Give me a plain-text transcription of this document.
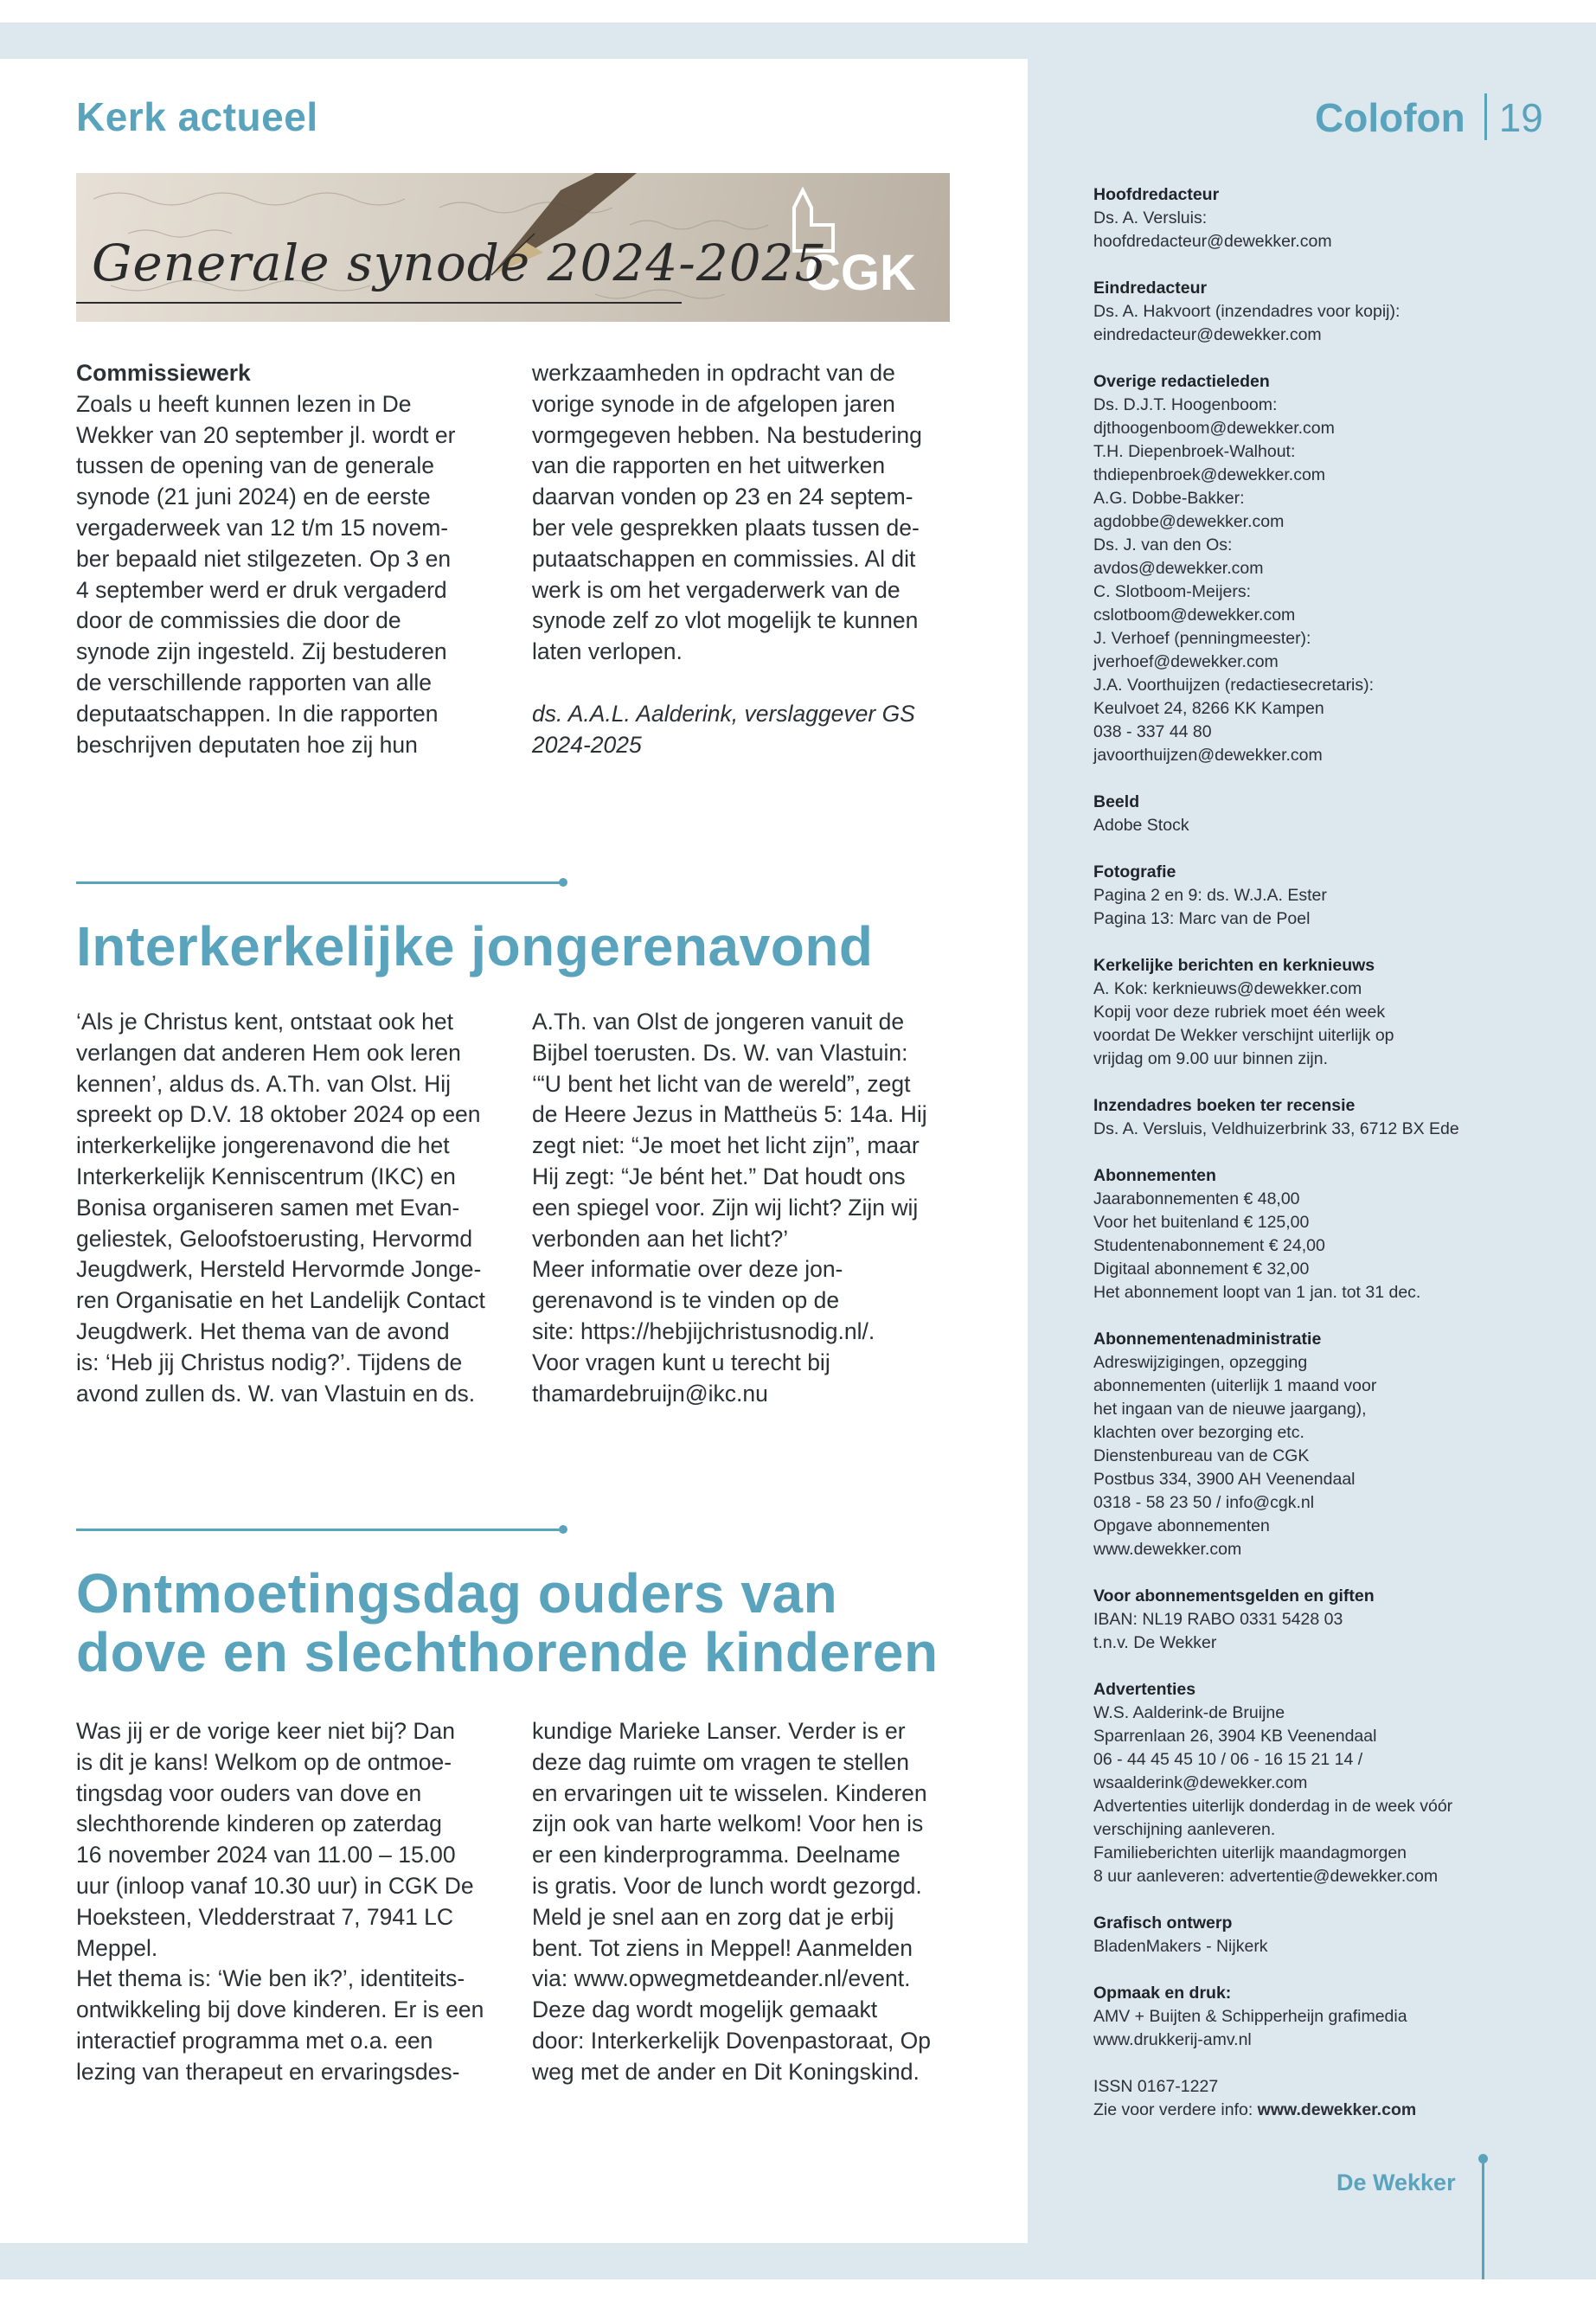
Kerk actueel	Colofon 19
CGK

Generale synode 2024-2025

Commissiewerk

Zoals u heeft kunnen lezen in De

Wekker van 20 september jl. wordt er

tussen de opening van de generale

synode (21 juni 2024) en de eerste

vergaderweek van 12 t/m 15 novem-

ber bepaald niet stilgezeten. Op 3 en

4 september werd er druk vergaderd

door de commissies die door de

synode zijn ingesteld. Zij bestuderen

de verschillende rapporten van alle

deputaatschappen. In die rapporten

beschrijven deputaten hoe zij hun

werkzaamheden in opdracht van de

vorige synode in de afgelopen jaren

vormgegeven hebben. Na bestudering

van die rapporten en het uitwerken

daarvan vonden op 23 en 24 septem-

ber vele gesprekken plaats tussen de-

putaatschappen en commissies. Al dit

werk is om het vergaderwerk van de

synode zelf zo vlot mogelijk te kunnen

laten verlopen.

ds. A.A.L. Aalderink, verslaggever GS

2024-2025

Interkerkelijke jongerenavond

‘Als je Christus kent, ontstaat ook het

verlangen dat anderen Hem ook leren

kennen’, aldus ds. A.Th. van Olst. Hij

spreekt op D.V. 18 oktober 2024 op een

interkerkelijke jongerenavond die het

Interkerkelijk Kenniscentrum (IKC) en

Bonisa organiseren samen met Evan-

geliestek, Geloofstoerusting, Hervormd

Jeugdwerk, Hersteld Hervormde Jonge-

ren Organisatie en het Landelijk Contact

Jeugdwerk. Het thema van de avond

is: ‘Heb jij Christus nodig?’. Tijdens de

avond zullen ds. W. van Vlastuin en ds.

A.Th. van Olst de jongeren vanuit de

Bijbel toerusten. Ds. W. van Vlastuin:

‘“U bent het licht van de wereld”, zegt

de Heere Jezus in Mattheüs 5: 14a. Hij

zegt niet: “Je moet het licht zijn”, maar

Hij zegt: “Je bént het.” Dat houdt ons

een spiegel voor. Zijn wij licht? Zijn wij

verbonden aan het licht?’

Meer informatie over deze jon-

gerenavond is te vinden op de

site: https://hebjijchristusnodig.nl/.

Voor vragen kunt u terecht bij

thamardebruijn@ikc.nu

Ontmoetingsdag ouders van
dove en slechthorende kinderen

Was jij er de vorige keer niet bij? Dan

is dit je kans! Welkom op de ontmoe-

tingsdag voor ouders van dove en

slechthorende kinderen op zaterdag

16 november 2024 van 11.00 – 15.00

uur (inloop vanaf 10.30 uur) in CGK De

Hoeksteen, Vledderstraat 7, 7941 LC

Meppel.

Het thema is: ‘Wie ben ik?’, identiteits-

ontwikkeling bij dove kinderen. Er is een

interactief programma met o.a. een

lezing van therapeut en ervaringsdes-

kundige Marieke Lanser. Verder is er

deze dag ruimte om vragen te stellen

en ervaringen uit te wisselen. Kinderen

zijn ook van harte welkom! Voor hen is

er een kinderprogramma. Deelname

is gratis. Voor de lunch wordt gezorgd.

Meld je snel aan en zorg dat je erbij

bent. Tot ziens in Meppel! Aanmelden

via: www.opwegmetdeander.nl/event.

Deze dag wordt mogelijk gemaakt

door: Interkerkelijk Dovenpastoraat, Op

weg met de ander en Dit Koningskind.

Hoofdredacteur

Ds. A. Versluis:

hoofdredacteur@dewekker.com

Eindredacteur

Ds. A. Hakvoort (inzendadres voor kopij):

eindredacteur@dewekker.com

Overige redactieleden

Ds. D.J.T. Hoogenboom:

djthoogenboom@dewekker.com

T.H. Diepenbroek-Walhout:

thdiepenbroek@dewekker.com

A.G. Dobbe-Bakker:

agdobbe@dewekker.com

Ds. J. van den Os:

avdos@dewekker.com

C. Slotboom-Meijers:

cslotboom@dewekker.com

J. Verhoef (penningmeester):

jverhoef@dewekker.com

J.A. Voorthuijzen (redactiesecretaris):

Keulvoet 24, 8266 KK Kampen

038 - 337 44 80

javoorthuijzen@dewekker.com

Beeld

Adobe Stock

Fotografie

Pagina 2 en 9: ds. W.J.A. Ester

Pagina 13: Marc van de Poel

Kerkelijke berichten en kerknieuws

A. Kok: kerknieuws@dewekker.com

Kopij voor deze rubriek moet één week

voordat De Wekker verschijnt uiterlijk op

vrijdag om 9.00 uur binnen zijn.

Inzendadres boeken ter recensie

Ds. A. Versluis, Veldhuizerbrink 33, 6712 BX Ede

Abonnementen

Jaarabonnementen € 48,00

Voor het buitenland € 125,00

Studentenabonnement € 24,00

Digitaal abonnement € 32,00

Het abonnement loopt van 1 jan. tot 31 dec.

Abonnementenadministratie

Adreswijzigingen, opzegging

abonnementen (uiterlijk 1 maand voor

het ingaan van de nieuwe jaargang),

klachten over bezorging etc.

Dienstenbureau van de CGK

Postbus 334, 3900 AH Veenendaal

0318 - 58 23 50 / info@cgk.nl

Opgave abonnementen

www.dewekker.com

Voor abonnementsgelden en giften

IBAN: NL19 RABO 0331 5428 03

t.n.v. De Wekker

Advertenties

W.S. Aalderink-de Bruijne

Sparrenlaan 26, 3904 KB Veenendaal

06 - 44 45 45 10 / 06 - 16 15 21 14 /

wsaalderink@dewekker.com

Advertenties uiterlijk donderdag in de week vóór

verschijning aanleveren.

Familieberichten uiterlijk maandagmorgen

8 uur aanleveren: advertentie@dewekker.com

Grafisch ontwerp

BladenMakers - Nijkerk

Opmaak en druk:

AMV + Buijten & Schipperheijn grafimedia

www.drukkerij-amv.nl

ISSN 0167-1227

Zie voor verdere info: www.dewekker.com

De Wekker
